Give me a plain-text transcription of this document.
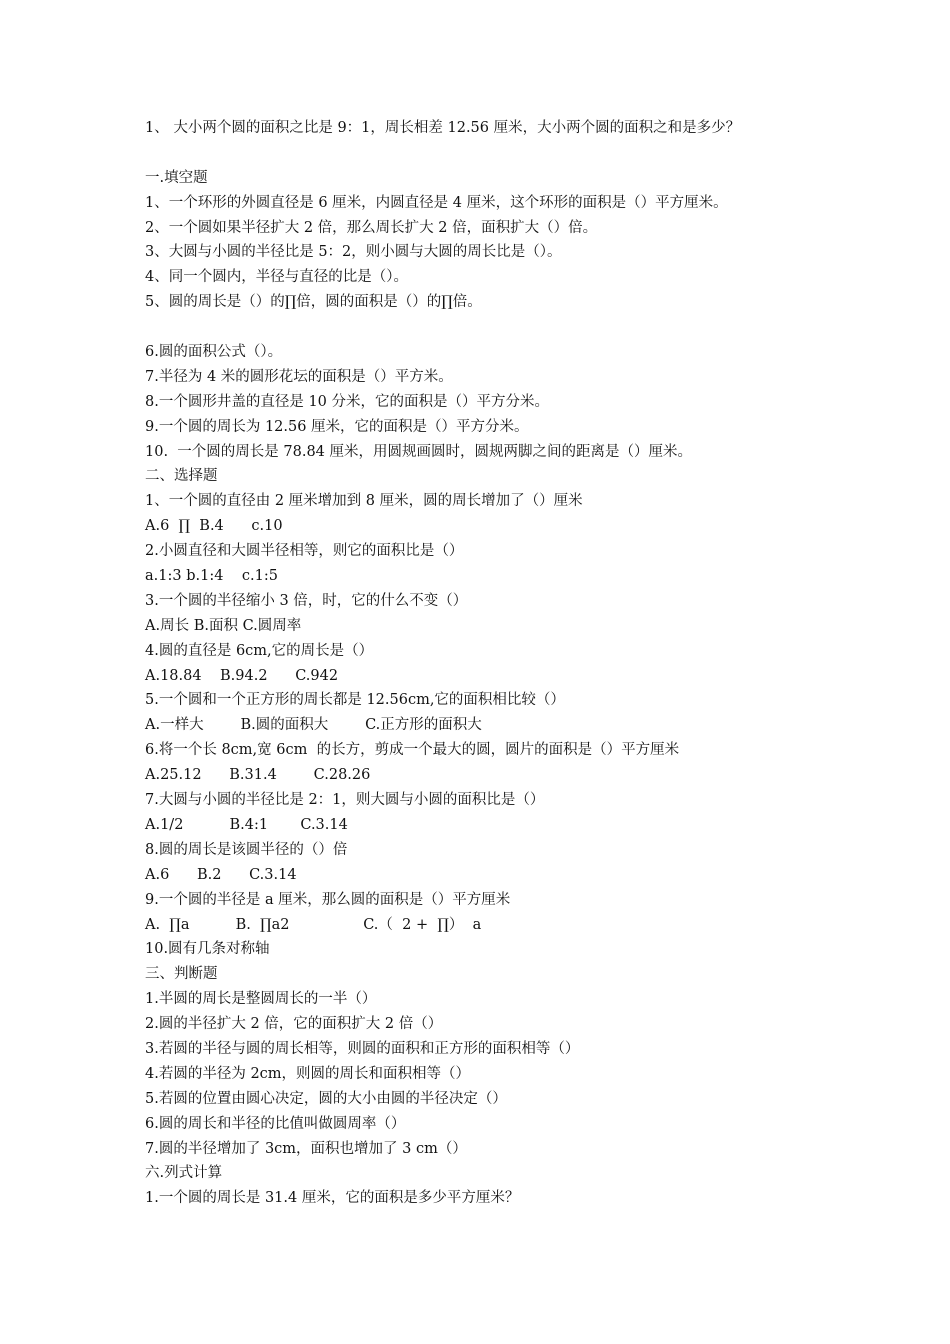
1、 大小两个圆的面积之比是 9：1，周长相差 12.56 厘米，大小两个圆的面积之和是多少？
一.填空题
1、一个环形的外圆直径是 6 厘米，内圆直径是 4 厘米，这个环形的面积是（）平方厘米。
2、一个圆如果半径扩大 2 倍，那么周长扩大 2 倍，面积扩大（）倍。
3、大圆与小圆的半径比是 5：2，则小圆与大圆的周长比是（）。
4、同一个圆内，半径与直径的比是（）。
5、圆的周长是（）的∏倍，圆的面积是（）的∏倍。
6.圆的面积公式（）。
7.半径为 4 米的圆形花坛的面积是（）平方米。
8.一个圆形井盖的直径是 10 分米，它的面积是（）平方分米。
9.一个圆的周长为 12.56 厘米，它的面积是（）平方分米。
10.  一个圆的周长是 78.84 厘米，用圆规画圆时，圆规两脚之间的距离是（）厘米。
二、选择题
1、一个圆的直径由 2 厘米增加到 8 厘米，圆的周长增加了（）厘米
A.6  ∏  B.4      c.10
2.小圆直径和大圆半径相等，则它的面积比是（）
a.1:3 b.1:4    c.1:5
3.一个圆的半径缩小 3 倍，时，它的什么不变（）
A.周长 B.面积 C.圆周率
4.圆的直径是 6cm,它的周长是（）
A.18.84    B.94.2      C.942
5.一个圆和一个正方形的周长都是 12.56cm,它的面积相比较（）
A.一样大        B.圆的面积大        C.正方形的面积大
6.将一个长 8cm,宽 6cm  的长方，剪成一个最大的圆，圆片的面积是（）平方厘米
A.25.12      B.31.4        C.28.26
7.大圆与小圆的半径比是 2：1，则大圆与小圆的面积比是（）
A.1/2          B.4:1       C.3.14
8.圆的周长是该圆半径的（）倍
A.6      B.2      C.3.14
9.一个圆的半径是 a 厘米，那么圆的面积是（）平方厘米
A.  ∏a          B.  ∏a2                C.（  2 +  ∏）  a
10.圆有几条对称轴
三、判断题
1.半圆的周长是整圆周长的一半（）
2.圆的半径扩大 2 倍，它的面积扩大 2 倍（）
3.若圆的半径与圆的周长相等，则圆的面积和正方形的面积相等（）
4.若圆的半径为 2cm，则圆的周长和面积相等（）
5.若圆的位置由圆心决定，圆的大小由圆的半径决定（）
6.圆的周长和半径的比值叫做圆周率（）
7.圆的半径增加了 3cm，面积也增加了 3 cm（）
六.列式计算
1.一个圆的周长是 31.4 厘米，它的面积是多少平方厘米？
